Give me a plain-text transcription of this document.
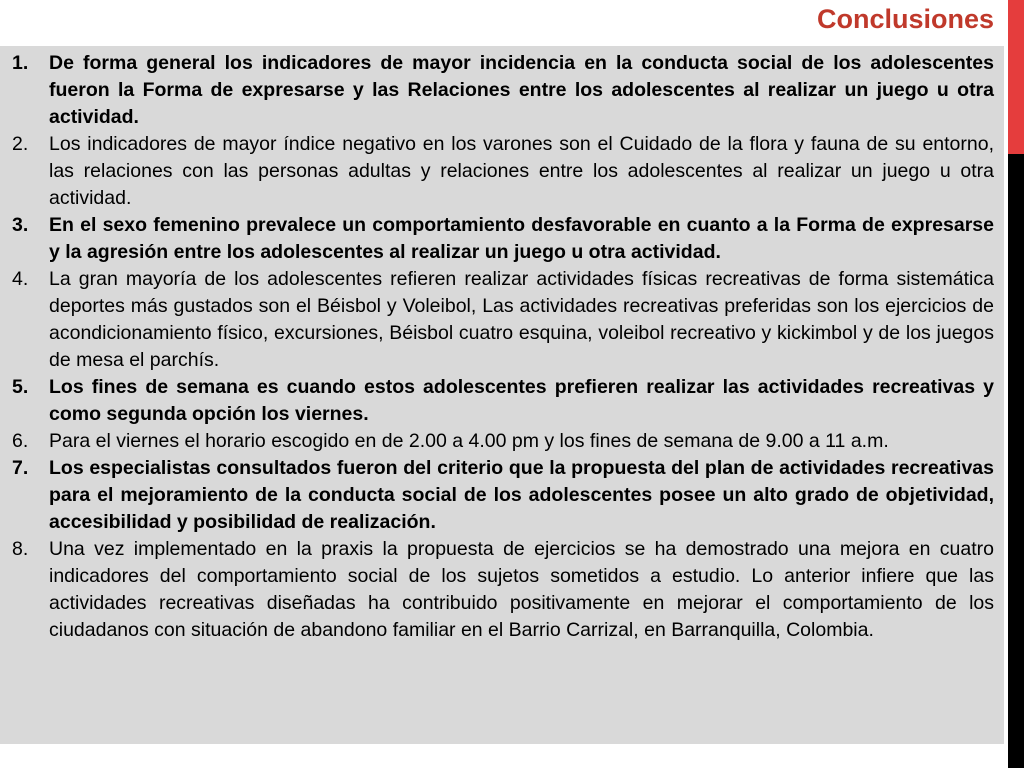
Conclusiones
1. De forma general los indicadores de mayor incidencia en la conducta social de los adolescentes fueron la Forma de expresarse y las Relaciones entre los adolescentes al realizar un juego u otra actividad.
2. Los indicadores de mayor índice negativo en los varones son el Cuidado de la flora y fauna de su entorno, las relaciones con las personas adultas y relaciones entre los adolescentes al realizar un juego u otra actividad.
3. En el sexo femenino prevalece un comportamiento desfavorable en cuanto a la Forma de expresarse y la agresión entre los adolescentes al realizar un juego u otra actividad.
4. La gran mayoría de los adolescentes refieren realizar actividades físicas recreativas de forma sistemática deportes más gustados son el Béisbol y Voleibol, Las actividades recreativas preferidas son los ejercicios de acondicionamiento físico, excursiones, Béisbol cuatro esquina, voleibol recreativo y kickimbol y de los juegos de mesa el parchís.
5. Los fines de semana es cuando estos adolescentes prefieren realizar las actividades recreativas y como segunda opción los viernes.
6. Para el viernes el horario escogido en de 2.00 a 4.00 pm y los fines de semana de 9.00 a 11 a.m.
7. Los especialistas consultados fueron del criterio que la propuesta del plan de actividades recreativas para el mejoramiento de la conducta social de los adolescentes posee un alto grado de objetividad, accesibilidad y posibilidad de realización.
8. Una vez implementado en la praxis la propuesta de ejercicios se ha demostrado una mejora en cuatro indicadores del comportamiento social de los sujetos sometidos a estudio. Lo anterior infiere que las actividades recreativas diseñadas ha contribuido positivamente en mejorar el comportamiento de los ciudadanos con situación de abandono familiar en el Barrio Carrizal, en Barranquilla, Colombia.
